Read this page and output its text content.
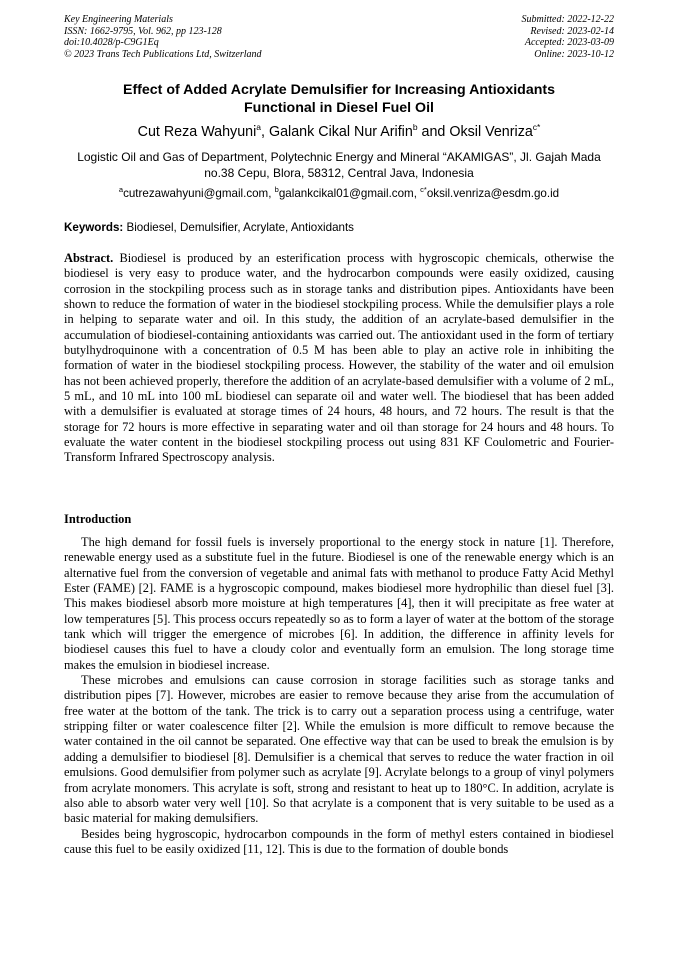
Key Engineering Materials
ISSN: 1662-9795, Vol. 962, pp 123-128
doi:10.4028/p-C9G1Eq
© 2023 Trans Tech Publications Ltd, Switzerland
Submitted: 2022-12-22
Revised: 2023-02-14
Accepted: 2023-03-09
Online: 2023-10-12
Effect of Added Acrylate Demulsifier for Increasing Antioxidants
Functional in Diesel Fuel Oil
Cut Reza Wahyuni$^a$, Galank Cikal Nur Arifin$^b$ and Oksil Venriza$^{c*}$
Logistic Oil and Gas of Department, Polytechnic Energy and Mineral “AKAMIGAS”, Jl. Gajah Mada
no.38 Cepu, Blora, 58312, Central Java, Indonesia
$^a$cutrezawahyuni@gmail.com, $^b$galankcikal01@gmail.com, $^{c*}$oksil.venriza@esdm.go.id
Keywords: Biodiesel, Demulsifier, Acrylate, Antioxidants
Abstract. Biodiesel is produced by an esterification process with hygroscopic chemicals, otherwise the biodiesel is very easy to produce water, and the hydrocarbon compounds were easily oxidized, causing corrosion in the stockpiling process such as in storage tanks and distribution pipes. Antioxidants have been shown to reduce the formation of water in the biodiesel stockpiling process. While the demulsifier plays a role in helping to separate water and oil. In this study, the addition of an acrylate-based demulsifier in the accumulation of biodiesel-containing antioxidants was carried out. The antioxidant used in the form of tertiary butylhydroquinone with a concentration of 0.5 M has been able to play an active role in inhibiting the formation of water in the biodiesel stockpiling process. However, the stability of the water and oil emulsion has not been achieved properly, therefore the addition of an acrylate-based demulsifier with a volume of 2 mL, 5 mL, and 10 mL into 100 mL biodiesel can separate oil and water well. The biodiesel that has been added with a demulsifier is evaluated at storage times of 24 hours, 48 hours, and 72 hours. The result is that the storage for 72 hours is more effective in separating water and oil than storage for 24 hours and 48 hours. To evaluate the water content in the biodiesel stockpiling process out using 831 KF Coulometric and Fourier-Transform Infrared Spectroscopy analysis.
Introduction

The high demand for fossil fuels is inversely proportional to the energy stock in nature [1]. Therefore, renewable energy used as a substitute fuel in the future. Biodiesel is one of the renewable energy which is an alternative fuel from the conversion of vegetable and animal fats with methanol to produce Fatty Acid Methyl Ester (FAME) [2]. FAME is a hygroscopic compound, makes biodiesel more hydrophilic than diesel fuel [3]. This makes biodiesel absorb more moisture at high temperatures [4], then it will precipitate as free water at low temperatures [5]. This process occurs repeatedly so as to form a layer of water at the bottom of the storage tank which will trigger the emergence of microbes [6]. In addition, the difference in affinity levels for biodiesel causes this fuel to have a cloudy color and eventually form an emulsion. The long storage time makes the emulsion in biodiesel increase.

These microbes and emulsions can cause corrosion in storage facilities such as storage tanks and distribution pipes [7]. However, microbes are easier to remove because they arise from the accumulation of free water at the bottom of the tank. The trick is to carry out a separation process using a centrifuge, water stripping filter or water coalescence filter [2]. While the emulsion is more difficult to remove because the water contained in the oil cannot be separated. One effective way that can be used to break the emulsion is by adding a demulsifier to biodiesel [8]. Demulsifier is a chemical that serves to reduce the water fraction in oil emulsions. Good demulsifier from polymer such as acrylate [9]. Acrylate belongs to a group of vinyl polymers from acrylate monomers. This acrylate is soft, strong and resistant to heat up to 180°C. In addition, acrylate is also able to absorb water very well [10]. So that acrylate is a component that is very suitable to be used as a basic material for making demulsifiers.

Besides being hygroscopic, hydrocarbon compounds in the form of methyl esters contained in biodiesel cause this fuel to be easily oxidized [11, 12]. This is due to the formation of double bonds
